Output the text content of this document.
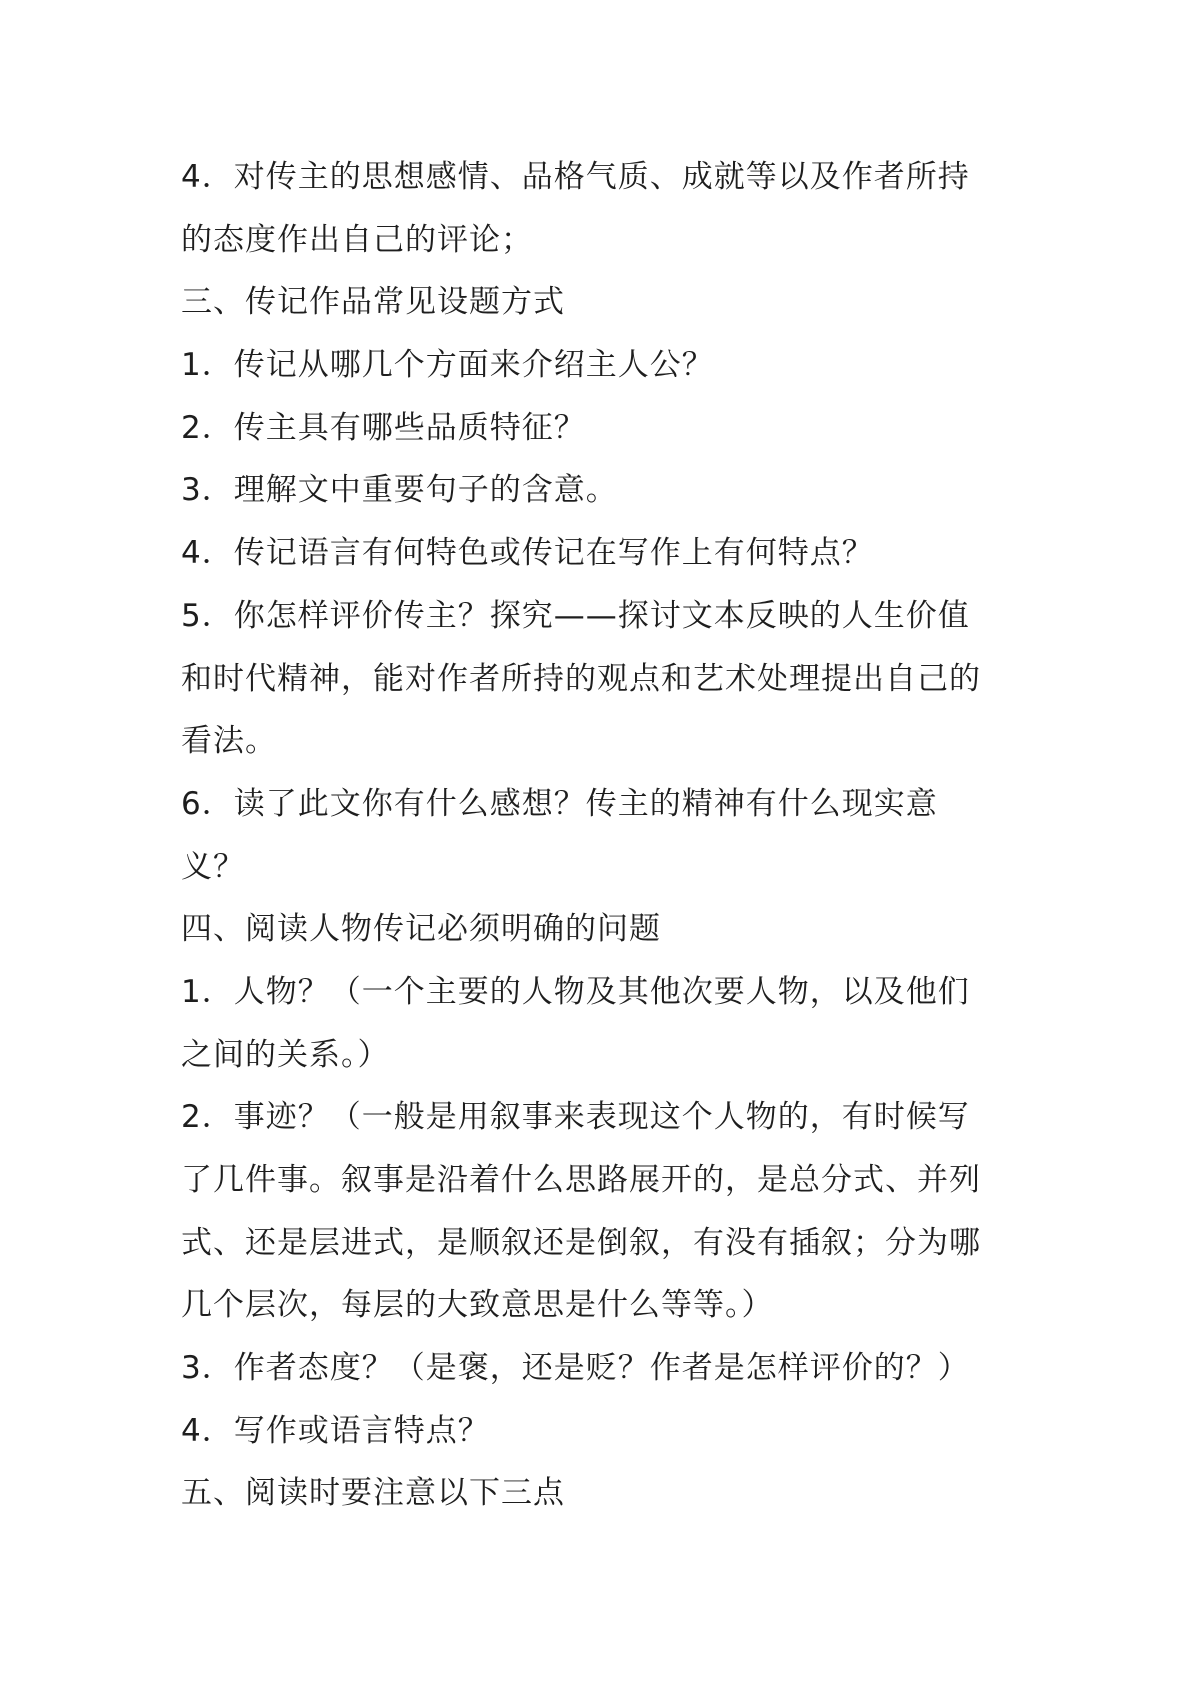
4．对传主的思想感情、品格气质、成就等以及作者所持

的态度作出自己的评论；

三、传记作品常见设题方式

1．传记从哪几个方面来介绍主人公？

2．传主具有哪些品质特征？

3．理解文中重要句子的含意。

4．传记语言有何特色或传记在写作上有何特点？

5．你怎样评价传主？探究——探讨文本反映的人生价值

和时代精神，能对作者所持的观点和艺术处理提出自己的

看法。

6．读了此文你有什么感想？传主的精神有什么现实意

义？

四、阅读人物传记必须明确的问题

1．人物？（一个主要的人物及其他次要人物，以及他们

之间的关系。）

2．事迹？（一般是用叙事来表现这个人物的，有时候写

了几件事。叙事是沿着什么思路展开的，是总分式、并列

式、还是层进式，是顺叙还是倒叙，有没有插叙；分为哪

几个层次，每层的大致意思是什么等等。）

3．作者态度？（是褒，还是贬？作者是怎样评价的？）

4．写作或语言特点？

五、阅读时要注意以下三点
